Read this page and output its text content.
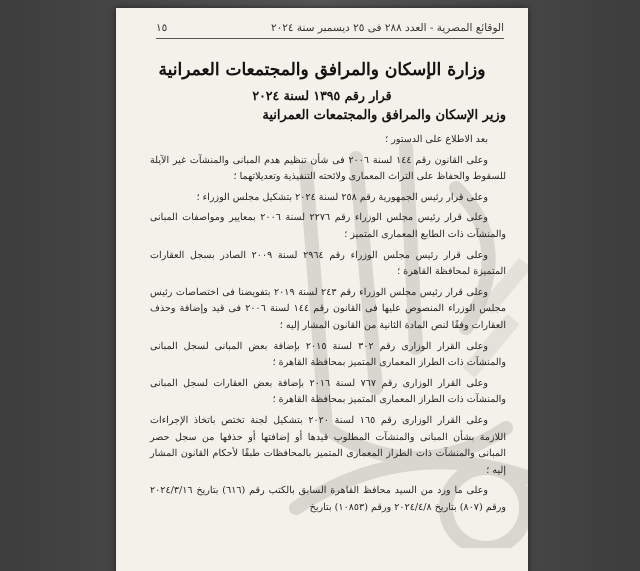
الوقائع المصرية - العدد ٢٨٨ فى ٢٥ ديسمبر سنة ٢٠٢٤
١٥
وزارة الإسكان والمرافق والمجتمعات العمرانية
قرار رقم ١٣٩٥ لسنة ٢٠٢٤
وزير الإسكان والمرافق والمجتمعات العمرانية

بعد الاطلاع على الدستور ؛

وعلى القانون رقم ١٤٤ لسنة ٢٠٠٦ فى شأن تنظيم هدم المبانى والمنشآت غير الآيلة للسقوط والحفاظ على التراث المعمارى ولائحته التنفيذية وتعديلاتهما ؛

وعلى قرار رئيس الجمهورية رقم ٢٥٨ لسنة ٢٠٢٤ بتشكيل مجلس الوزراء ؛

وعلى قرار رئيس مجلس الوزراء رقم ٢٢٧٦ لسنة ٢٠٠٦ بمعايير ومواصفات المبانى والمنشآت ذات الطابع المعمارى المتميز ؛

وعلى قرار رئيس مجلس الوزراء رقم ٢٩٦٤ لسنة ٢٠٠٩ الصادر بسجل العقارات المتميزة لمحافظة القاهرة ؛

وعلى قرار رئيس مجلس الوزراء رقم ٢٤٣ لسنة ٢٠١٩ بتفويضنا فى اختصاصات رئيس مجلس الوزراء المنصوص عليها فى القانون رقم ١٤٤ لسنة ٢٠٠٦ فى قيد وإضافة وحذف العقارات وفقًا لنص المادة الثانية من القانون المشار إليه ؛

وعلى القرار الوزارى رقم ٣٠٢ لسنة ٢٠١٥ بإضافة بعض المبانى لسجل المبانى والمنشآت ذات الطراز المعمارى المتميز بمحافظة القاهرة ؛

وعلى القرار الوزارى رقم ٧٦٧ لسنة ٢٠١٦ بإضافة بعض العقارات لسجل المبانى والمنشآت ذات الطراز المعمارى المتميز بمحافظة القاهرة ؛

وعلى القرار الوزارى رقم ١٦٥ لسنة ٢٠٢٠ بتشكيل لجنة تختص باتخاذ الإجراءات اللازمة بشأن المبانى والمنشآت المطلوب قيدها أو إضافتها أو حذفها من سجل حصر المبانى والمنشآت ذات الطراز المعمارى المتميز بالمحافظات طبقًا لأحكام القانون المشار إليه ؛

وعلى ما ورد من السيد محافظ القاهرة السابق بالكتب رقم (٦١٦) بتاريخ ٢٠٢٤/٣/١٦ ورقم (٨٠٧) بتاريخ ٢٠٢٤/٤/٨ ورقم (١٠٨٥٣) بتاريخ
